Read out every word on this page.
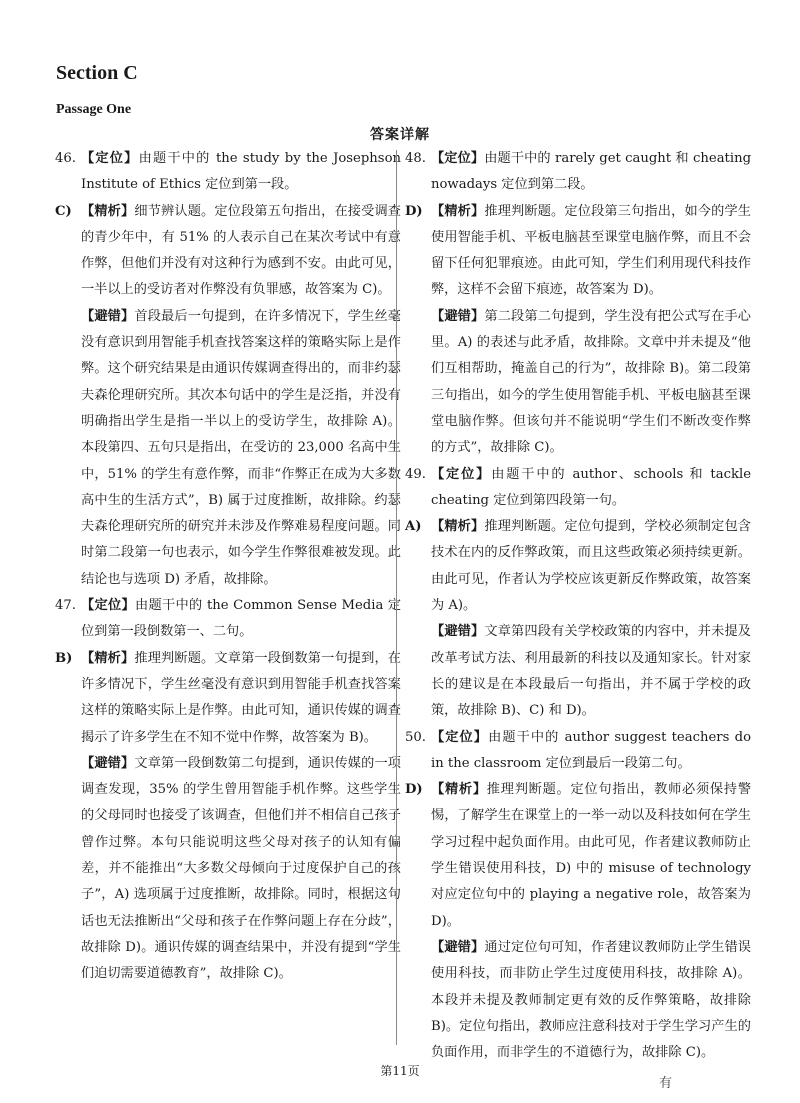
Section C
Passage One
答案详解
46. 【定位】由题干中的 the study by the Josephson Institute of Ethics 定位到第一段。
C) 【精析】细节辨认题。定位段第五句指出，在接受调查的青少年中，有 51% 的人表示自己在某次考试中有意作弊，但他们并没有对这种行为感到不安。由此可见，一半以上的受访者对作弊没有负罪感，故答案为 C)。
【避错】首段最后一句提到，在许多情况下，学生丝毫没有意识到用智能手机查找答案这样的策略实际上是作弊。这个研究结果是由通识传媒调查得出的，而非约瑟夫森伦理研究所。其次本句话中的学生是泛指，并没有明确指出学生是指一半以上的受访学生，故排除 A)。本段第四、五句只是指出，在受访的 23,000 名高中生中，51% 的学生有意作弊，而非“作弊正在成为大多数高中生的生活方式”，B) 属于过度推断，故排除。约瑟夫森伦理研究所的研究并未涉及作弊难易程度问题。同时第二段第一句也表示，如今学生作弊很难被发现。此结论也与选项 D) 矛盾，故排除。
47. 【定位】由题干中的 the Common Sense Media 定位到第一段倒数第一、二句。
B) 【精析】推理判断题。文章第一段倒数第一句提到，在许多情况下，学生丝毫没有意识到用智能手机查找答案这样的策略实际上是作弊。由此可知，通识传媒的调查揭示了许多学生在不知不觉中作弊，故答案为 B)。
【避错】文章第一段倒数第二句提到，通识传媒的一项调查发现，35% 的学生曾用智能手机作弊。这些学生的父母同时也接受了该调查，但他们并不相信自己孩子曾作过弊。本句只能说明这些父母对孩子的认知有偏差，并不能推出“大多数父母倾向于过度保护自己的孩子”，A) 选项属于过度推断，故排除。同时，根据这句话也无法推断出“父母和孩子在作弊问题上存在分歧”，故排除 D)。通识传媒的调查结果中，并没有提到“学生们迫切需要道德教育”，故排除 C)。
48. 【定位】由题干中的 rarely get caught 和 cheating nowadays 定位到第二段。
D) 【精析】推理判断题。定位段第三句指出，如今的学生使用智能手机、平板电脑甚至课堂电脑作弊，而且不会留下任何犯罪痕迹。由此可知，学生们利用现代科技作弊，这样不会留下痕迹，故答案为 D)。
【避错】第二段第二句提到，学生没有把公式写在手心里。A) 的表述与此矛盾，故排除。文章中并未提及“他们互相帮助，掩盖自己的行为”，故排除 B)。第二段第三句指出，如今的学生使用智能手机、平板电脑甚至课堂电脑作弊。但该句并不能说明“学生们不断改变作弊的方式”，故排除 C)。
49. 【定位】由题干中的 author、schools 和 tackle cheating 定位到第四段第一句。
A) 【精析】推理判断题。定位句提到，学校必须制定包含技术在内的反作弊政策，而且这些政策必须持续更新。由此可见，作者认为学校应该更新反作弊政策，故答案为 A)。
【避错】文章第四段有关学校政策的内容中，并未提及改革考试方法、利用最新的科技以及通知家长。针对家长的建议是在本段最后一句指出，并不属于学校的政策，故排除 B)、C) 和 D)。
50. 【定位】由题干中的 author suggest teachers do in the classroom 定位到最后一段第二句。
D) 【精析】推理判断题。定位句指出，教师必须保持警惕，了解学生在课堂上的一举一动以及科技如何在学生学习过程中起负面作用。由此可见，作者建议教师防止学生错误使用科技，D) 中的 misuse of technology 对应定位句中的 playing a negative role，故答案为 D)。
【避错】通过定位句可知，作者建议教师防止学生错误使用科技，而非防止学生过度使用科技，故排除 A)。本段并未提及教师制定更有效的反作弊策略，故排除 B)。定位句指出，教师应注意科技对于学生学习产生的负面作用，而非学生的不道德行为，故排除 C)。
第11页
有
